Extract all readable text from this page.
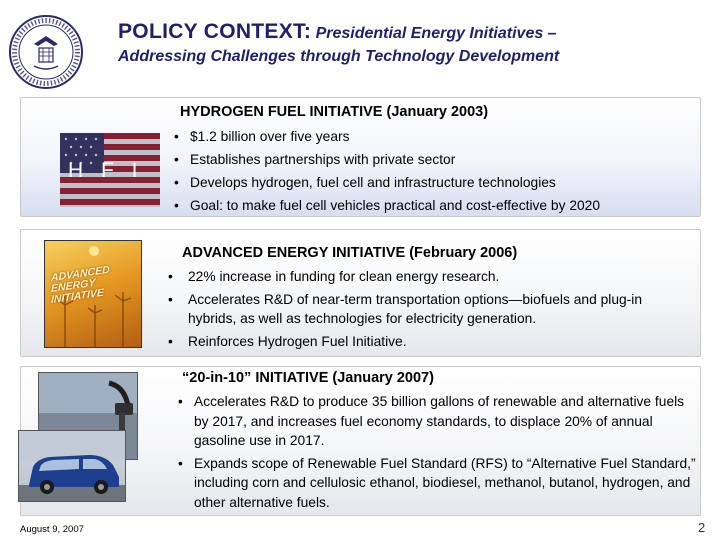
POLICY CONTEXT: Presidential Energy Initiatives –
Addressing Challenges through Technology Development
H F I
HYDROGEN FUEL INITIATIVE (January 2003)
• $1.2 billion over five years
• Establishes partnerships with private sector
• Develops hydrogen, fuel cell and infrastructure technologies
• Goal: to make fuel cell vehicles practical and cost-effective by 2020
ADVANCED ENERGY INITIATIVE
ADVANCED ENERGY INITIATIVE (February 2006)
• 22% increase in funding for clean energy research.
• Accelerates R&D of near-term transportation options—biofuels and plug-in hybrids, as well as technologies for electricity generation.
• Reinforces Hydrogen Fuel Initiative.
“20-in-10” INITIATIVE (January 2007)
• Accelerates R&D to produce 35 billion gallons of renewable and alternative fuels by 2017, and increases fuel economy standards, to displace 20% of annual gasoline use in 2017.
• Expands scope of Renewable Fuel Standard (RFS) to “Alternative Fuel Standard,” including corn and cellulosic ethanol, biodiesel, methanol, butanol, hydrogen, and other alternative fuels.
August 9, 2007	2
